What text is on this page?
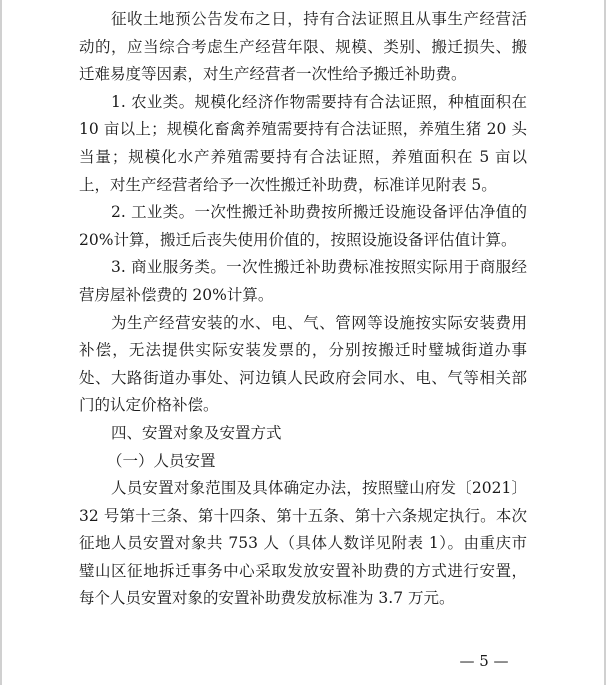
征收土地预公告发布之日，持有合法证照且从事生产经营活动的，应当综合考虑生产经营年限、规模、类别、搬迁损失、搬迁难易度等因素，对生产经营者一次性给予搬迁补助费。

1. 农业类。规模化经济作物需要持有合法证照，种植面积在10 亩以上；规模化畜禽养殖需要持有合法证照，养殖生猪 20 头当量；规模化水产养殖需要持有合法证照，养殖面积在 5 亩以上，对生产经营者给予一次性搬迁补助费，标准详见附表 5。

2. 工业类。一次性搬迁补助费按所搬迁设施设备评估净值的20%计算，搬迁后丧失使用价值的，按照设施设备评估值计算。

3. 商业服务类。一次性搬迁补助费标准按照实际用于商服经营房屋补偿费的 20%计算。

为生产经营安装的水、电、气、管网等设施按实际安装费用补偿，无法提供实际安装发票的，分别按搬迁时璧城街道办事处、大路街道办事处、河边镇人民政府会同水、电、气等相关部门的认定价格补偿。

四、安置对象及安置方式

（一）人员安置

人员安置对象范围及具体确定办法，按照璧山府发〔2021〕32 号第十三条、第十四条、第十五条、第十六条规定执行。本次征地人员安置对象共 753 人（具体人数详见附表 1）。由重庆市璧山区征地拆迁事务中心采取发放安置补助费的方式进行安置，每个人员安置对象的安置补助费发放标准为 3.7 万元。

— 5 —
